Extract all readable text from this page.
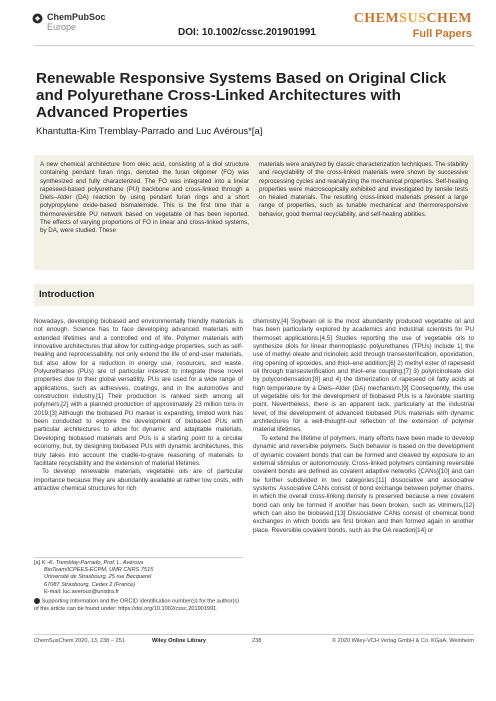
ChemPubSoc
Europe	DOI: 10.1002/cssc.201901991
CHEMSUSCHEM
Full Papers
Renewable Responsive Systems Based on Original Click and Polyurethane Cross-Linked Architectures with Advanced Properties
Khantutta-Kim Tremblay-Parrado and Luc Avérous*[a]
A new chemical architecture from oleic acid, consisting of a diol structure containing pendant furan rings, denoted the furan oligomer (FO) was synthesized and fully characterized. The FO was integrated into a linear rapeseed-based polyurethane (PU) backbone and cross-linked through a Diels–Alder (DA) reaction by using pendant furan rings and a short polypropylene oxide-based bismaleimide. This is the first time that a thermoreversible PU network based on vegetable oil has been reported. The effects of varying proportions of FO in linear and cross-linked systems, by DA, were studied. These
materials were analyzed by classic characterization techniques. The stability and recyclability of the cross-linked materials were shown by successive reprocessing cycles and reanalyzing the mechanical properties. Self-healing properties were macroscopically exhibited and investigated by tensile tests on healed materials. The resulting cross-linked materials present a large range of properties, such as tunable mechanical and thermoresponsive behavior, good thermal recyclability, and self-healing abilities.
Introduction

Nowadays, developing biobased and environmentally friendly materials is not enough. Science has to face developing advanced materials with extended lifetimes and a controlled end of life. Polymer materials with innovative architectures that allow for cutting-edge properties, such as self-healing and reprocessability, not only extend the life of end-user materials, but also allow for a reduction in energy use, resources, and waste. Polyurethanes (PUs) are of particular interest to integrate these novel properties due to their global versatility. PUs are used for a wide range of applications, such as adhesives, coatings, and in the automotive and construction industry.[1] Their production is ranked sixth among all polymers,[2] with a planned production of approximately 23 million tons in 2019.[3] Although the biobased PU market is expanding, limited work has been conducted to explore the development of biobased PUs with particular architectures to allow for dynamic and adaptable materials. Developing biobased materials and PUs is a starting point to a circular economy, but, by designing biobased PUs with dynamic architectures, this truly takes into account the cradle-to-grave reasoning of materials to facilitate recyclability and the extension of material lifetimes.

To develop renewable materials, vegetable oils are of particular importance because they are abundantly available at rather low costs, with attractive chemical structures for rich

[a] K.-K. Tremblay-Parrado, Prof. L. Avérous
BioTeam/ICPEES-ECPM, UMR CNRS 7515
Université de Strasbourg, 25 rue Becquerel
67087 Strasbourg, Cedex 2 (France)
E-mail: luc.averous@unistra.fr
Supporting Information and the ORCID identification number(s) for the author(s) of this article can be found under: https://doi.org/10.1002/cssc.201901991.

chemistry.[4] Soybean oil is the most abundantly produced vegetable oil and has been particularly explored by academics and industrial scientists for PU thermoset applications.[4,5] Studies reporting the use of vegetable oils to synthesize diols for linear thermoplastic polyurethanes (TPUs) include 1) the use of methyl oleate and ricinoleic acid through transesterification, epoxidation, ring opening of epoxides, and thiol–ene addition;[6] 2) methyl ester of rapeseed oil through transesterification and thiol–ene coupling;[7] 3) polyricinoleate diol by polycondensation;[8] and 4) the dimerization of rapeseed oil fatty acids at high temperature by a Diels–Alder (DA) mechanism.[9] Consequently, the use of vegetable oils for the development of biobased PUs is a favorable starting point. Nevertheless, there is an apparent lack, particularly at the industrial level, of the development of advanced biobased PUs materials with dynamic architectures for a well-thought-out reflection of the extension of polymer material lifetimes.

To extend the lifetime of polymers, many efforts have been made to develop dynamic and reversible polymers. Such behavior is based on the development of dynamic covalent bonds that can be formed and cleaved by exposure to an external stimulus or autonomously. Cross-linked polymers containing reversible covalent bonds are defined as covalent adaptive networks (CANs)[10] and can be further subdivided in two categories:[11] dissociative and associative systems. Associative CANs consist of bond exchange between polymer chains, in which the overall cross-linking density is preserved because a new covalent bond can only be formed if another has been broken, such as vitrimers,[12] which can also be biobased.[13] Dissociative CANs consist of chemical bond exchanges in which bonds are first broken and then formed again in another place. Reversible covalent bonds, such as the DA reaction[14] or

ChemSusChem 2020, 13, 238 – 251	Wiley Online Library	238	© 2020 Wiley-VCH Verlag GmbH & Co. KGaA, Weinheim
